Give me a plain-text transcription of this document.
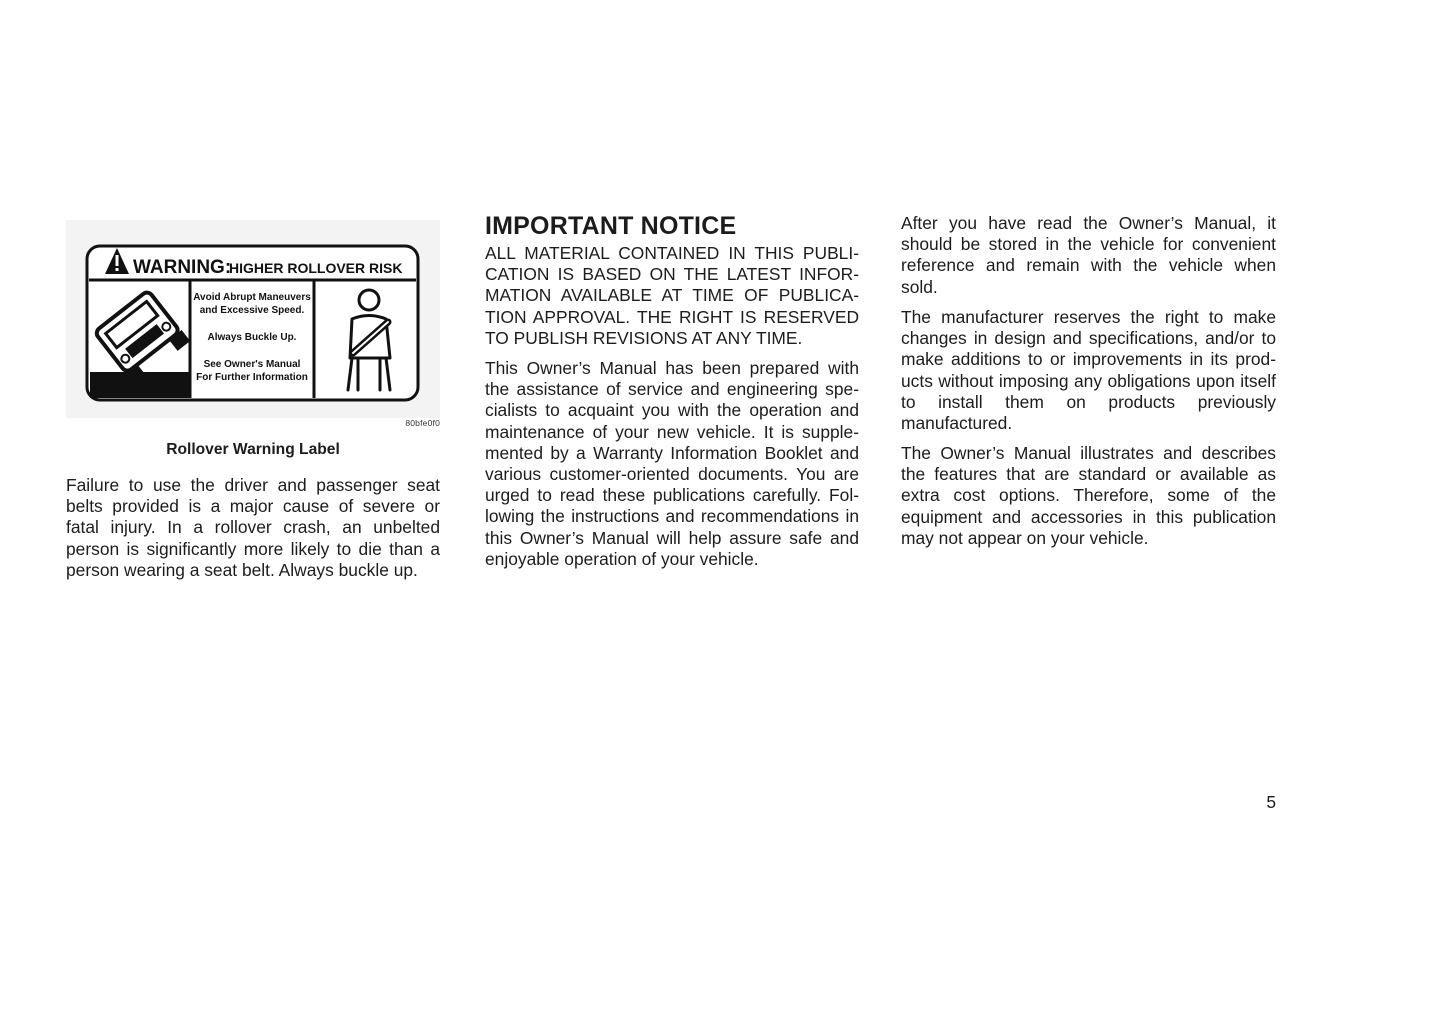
WARNING:
HIGHER ROLLOVER RISK
Avoid Abrupt Maneuvers
and Excessive Speed.
Always Buckle Up.
See Owner's Manual
For Further Information
80bfe0f0
Rollover Warning Label

Failure to use the driver and passenger seat belts provided is a major cause of severe or fatal injury. In a rollover crash, an unbelted person is significantly more likely to die than a person wearing a seat belt. Always buckle up.

IMPORTANT NOTICE

ALL MATERIAL CONTAINED IN THIS PUBLICATION IS BASED ON THE LATEST INFORMATION AVAILABLE AT TIME OF PUBLICATION APPROVAL. THE RIGHT IS RESERVED TO PUBLISH REVISIONS AT ANY TIME.

This Owner’s Manual has been prepared with the assistance of service and engineering specialists to acquaint you with the operation and maintenance of your new vehicle. It is supplemented by a Warranty Information Booklet and various customer-oriented documents. You are urged to read these publications carefully. Following the instructions and recommendations in this Owner’s Manual will help assure safe and enjoyable operation of your vehicle.

After you have read the Owner’s Manual, it should be stored in the vehicle for convenient reference and remain with the vehicle when sold.

The manufacturer reserves the right to make changes in design and specifications, and/or to make additions to or improvements in its products without imposing any obligations upon itself to install them on products previously manufactured.

The Owner’s Manual illustrates and describes the features that are standard or available as extra cost options. Therefore, some of the equipment and accessories in this publication may not appear on your vehicle.

5
